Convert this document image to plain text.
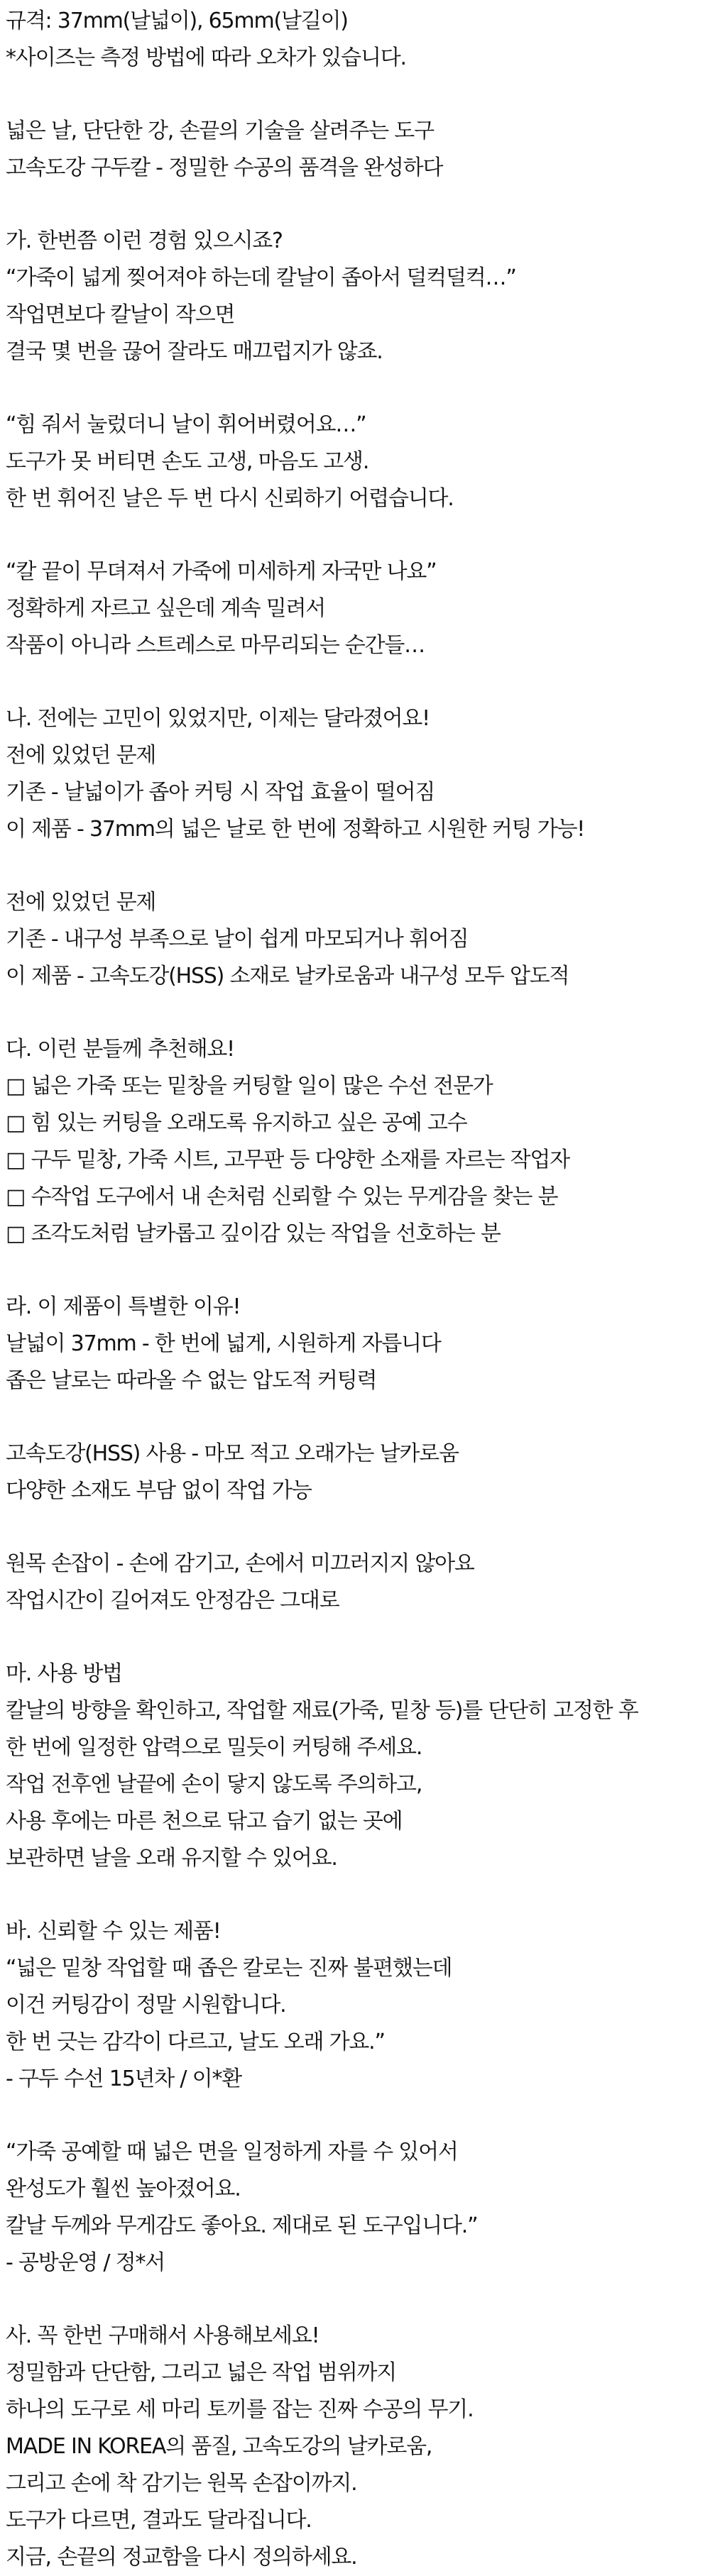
규격: 37mm(날넓이), 65mm(날길이)
*사이즈는 측정 방법에 따라 오차가 있습니다.
넓은 날, 단단한 강, 손끝의 기술을 살려주는 도구
고속도강 구두칼 - 정밀한 수공의 품격을 완성하다
가. 한번쯤 이런 경험 있으시죠?
“가죽이 넓게 찢어져야 하는데 칼날이 좁아서 덜컥덜컥…”
작업면보다 칼날이 작으면
결국 몇 번을 끊어 잘라도 매끄럽지가 않죠.
“힘 줘서 눌렀더니 날이 휘어버렸어요…”
도구가 못 버티면 손도 고생, 마음도 고생.
한 번 휘어진 날은 두 번 다시 신뢰하기 어렵습니다.
“칼 끝이 무뎌져서 가죽에 미세하게 자국만 나요”
정확하게 자르고 싶은데 계속 밀려서
작품이 아니라 스트레스로 마무리되는 순간들…
나. 전에는 고민이 있었지만, 이제는 달라졌어요!
전에 있었던 문제
기존 - 날넓이가 좁아 커팅 시 작업 효율이 떨어짐
이 제품 - 37mm의 넓은 날로 한 번에 정확하고 시원한 커팅 가능!
전에 있었던 문제
기존 - 내구성 부족으로 날이 쉽게 마모되거나 휘어짐
이 제품 - 고속도강(HSS) 소재로 날카로움과 내구성 모두 압도적
다. 이런 분들께 추천해요!
□ 넓은 가죽 또는 밑창을 커팅할 일이 많은 수선 전문가
□ 힘 있는 커팅을 오래도록 유지하고 싶은 공예 고수
□ 구두 밑창, 가죽 시트, 고무판 등 다양한 소재를 자르는 작업자
□ 수작업 도구에서 내 손처럼 신뢰할 수 있는 무게감을 찾는 분
□ 조각도처럼 날카롭고 깊이감 있는 작업을 선호하는 분
라. 이 제품이 특별한 이유!
날넓이 37mm - 한 번에 넓게, 시원하게 자릅니다
좁은 날로는 따라올 수 없는 압도적 커팅력
고속도강(HSS) 사용 - 마모 적고 오래가는 날카로움
다양한 소재도 부담 없이 작업 가능
원목 손잡이 - 손에 감기고, 손에서 미끄러지지 않아요
작업시간이 길어져도 안정감은 그대로
마. 사용 방법
칼날의 방향을 확인하고, 작업할 재료(가죽, 밑창 등)를 단단히 고정한 후
한 번에 일정한 압력으로 밀듯이 커팅해 주세요.
작업 전후엔 날끝에 손이 닿지 않도록 주의하고,
사용 후에는 마른 천으로 닦고 습기 없는 곳에
보관하면 날을 오래 유지할 수 있어요.
바. 신뢰할 수 있는 제품!
“넓은 밑창 작업할 때 좁은 칼로는 진짜 불편했는데
이건 커팅감이 정말 시원합니다.
한 번 긋는 감각이 다르고, 날도 오래 가요.”
- 구두 수선 15년차 / 이*환
“가죽 공예할 때 넓은 면을 일정하게 자를 수 있어서
완성도가 훨씬 높아졌어요.
칼날 두께와 무게감도 좋아요. 제대로 된 도구입니다.”
- 공방운영 / 정*서
사. 꼭 한번 구매해서 사용해보세요!
정밀함과 단단함, 그리고 넓은 작업 범위까지
하나의 도구로 세 마리 토끼를 잡는 진짜 수공의 무기.
MADE IN KOREA의 품질, 고속도강의 날카로움,
그리고 손에 착 감기는 원목 손잡이까지.
도구가 다르면, 결과도 달라집니다.
지금, 손끝의 정교함을 다시 정의하세요.
